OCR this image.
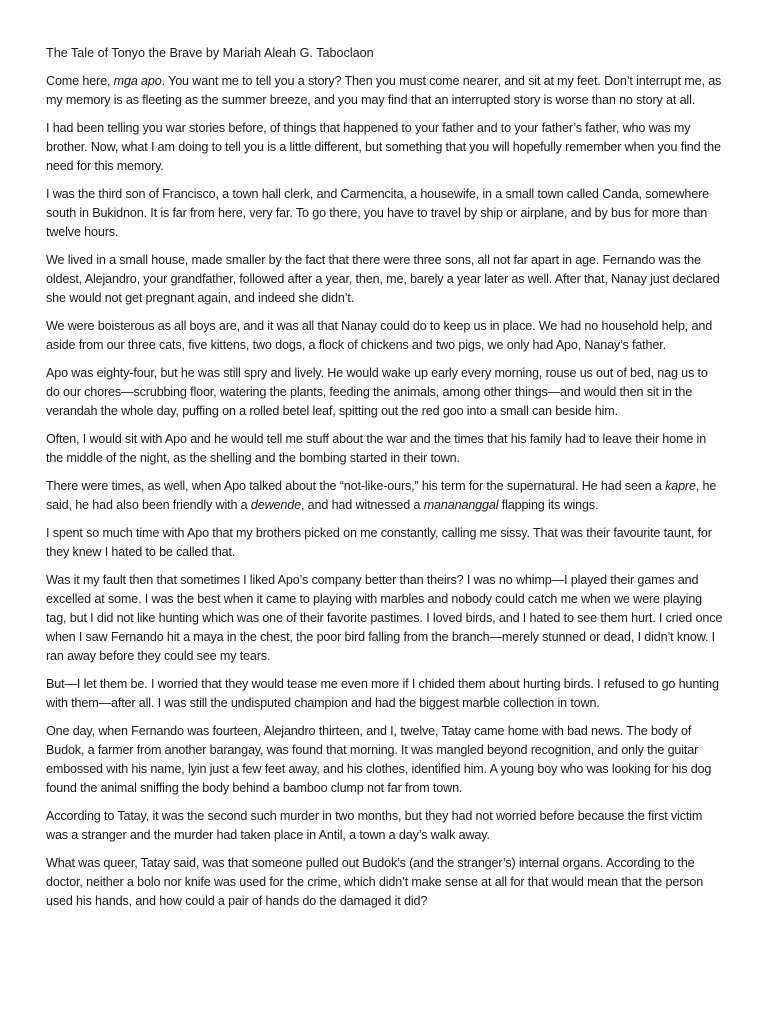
The Tale of Tonyo the Brave by Mariah Aleah G. Taboclaon

Come here, mga apo. You want me to tell you a story? Then you must come nearer, and sit at my feet. Don’t interrupt me, as my memory is as fleeting as the summer breeze, and you may find that an interrupted story is worse than no story at all.

I had been telling you war stories before, of things that happened to your father and to your father’s father, who was my brother. Now, what I am doing to tell you is a little different, but something that you will hopefully remember when you find the need for this memory.

I was the third son of Francisco, a town hall clerk, and Carmencita, a housewife, in a small town called Canda, somewhere south in Bukidnon. It is far from here, very far. To go there, you have to travel by ship or airplane, and by bus for more than twelve hours.

We lived in a small house, made smaller by the fact that there were three sons, all not far apart in age. Fernando was the oldest, Alejandro, your grandfather, followed after a year, then, me, barely a year later as well. After that, Nanay just declared she would not get pregnant again, and indeed she didn’t.

We were boisterous as all boys are, and it was all that Nanay could do to keep us in place. We had no household help, and aside from our three cats, five kittens, two dogs, a flock of chickens and two pigs, we only had Apo, Nanay’s father.

Apo was eighty-four, but he was still spry and lively. He would wake up early every morning, rouse us out of bed, nag us to do our chores—scrubbing floor, watering the plants, feeding the animals, among other things—and would then sit in the verandah the whole day, puffing on a rolled betel leaf, spitting out the red goo into a small can beside him.

Often, I would sit with Apo and he would tell me stuff about the war and the times that his family had to leave their home in the middle of the night, as the shelling and the bombing started in their town.

There were times, as well, when Apo talked about the “not-like-ours,” his term for the supernatural. He had seen a kapre, he said, he had also been friendly with a dewende, and had witnessed a manananggal flapping its wings.

I spent so much time with Apo that my brothers picked on me constantly, calling me sissy. That was their favourite taunt, for they knew I hated to be called that.

Was it my fault then that sometimes I liked Apo’s company better than theirs? I was no whimp—I played their games and excelled at some. I was the best when it came to playing with marbles and nobody could catch me when we were playing tag, but I did not like hunting which was one of their favorite pastimes. I loved birds, and I hated to see them hurt. I cried once when I saw Fernando hit a maya in the chest, the poor bird falling from the branch—merely stunned or dead, I didn’t know. I ran away before they could see my tears.

But—I let them be. I worried that they would tease me even more if I chided them about hurting birds. I refused to go hunting with them—after all. I was still the undisputed champion and had the biggest marble collection in town.

One day, when Fernando was fourteen, Alejandro thirteen, and I, twelve, Tatay came home with bad news. The body of Budok, a farmer from another barangay, was found that morning. It was mangled beyond recognition, and only the guitar embossed with his name, lyin just a few feet away, and his clothes, identified him. A young boy who was looking for his dog found the animal sniffing the body behind a bamboo clump not far from town.

According to Tatay, it was the second such murder in two months, but they had not worried before because the first victim was a stranger and the murder had taken place in Antil, a town a day’s walk away.

What was queer, Tatay said, was that someone pulled out Budok’s (and the stranger’s) internal organs. According to the doctor, neither a bolo nor knife was used for the crime, which didn’t make sense at all for that would mean that the person used his hands, and how could a pair of hands do the damaged it did?
